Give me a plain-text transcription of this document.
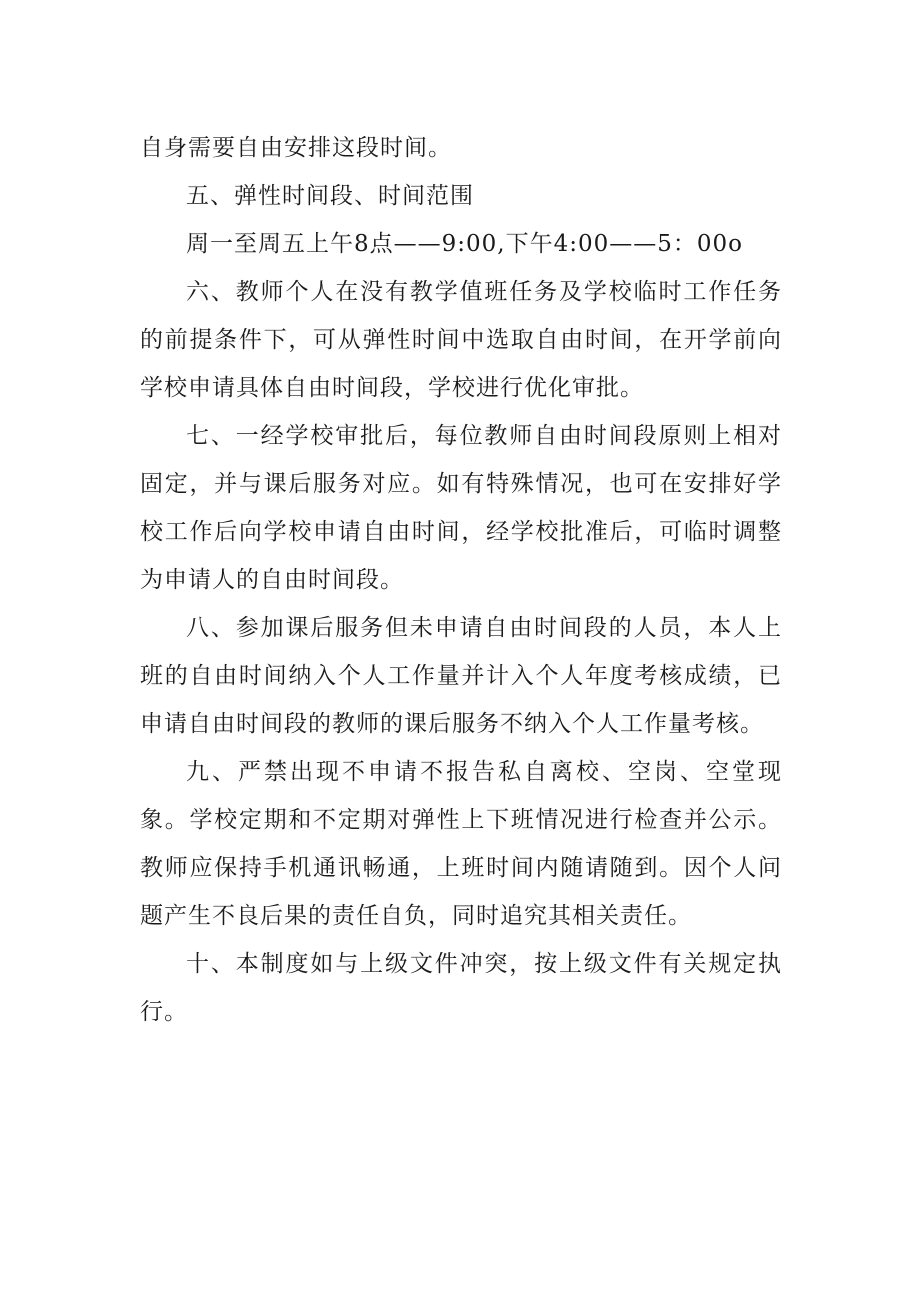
自身需要自由安排这段时间。

五、弹性时间段、时间范围

周一至周五上午8点——9:00,下午4:00——5：00o

六、教师个人在没有教学值班任务及学校临时工作任务的前提条件下，可从弹性时间中选取自由时间，在开学前向学校申请具体自由时间段，学校进行优化审批。

七、一经学校审批后，每位教师自由时间段原则上相对固定，并与课后服务对应。如有特殊情况，也可在安排好学校工作后向学校申请自由时间，经学校批准后，可临时调整为申请人的自由时间段。

八、参加课后服务但未申请自由时间段的人员，本人上班的自由时间纳入个人工作量并计入个人年度考核成绩，已申请自由时间段的教师的课后服务不纳入个人工作量考核。

九、严禁出现不申请不报告私自离校、空岗、空堂现象。学校定期和不定期对弹性上下班情况进行检查并公示。教师应保持手机通讯畅通，上班时间内随请随到。因个人问题产生不良后果的责任自负，同时追究其相关责任。

十、本制度如与上级文件冲突，按上级文件有关规定执行。
